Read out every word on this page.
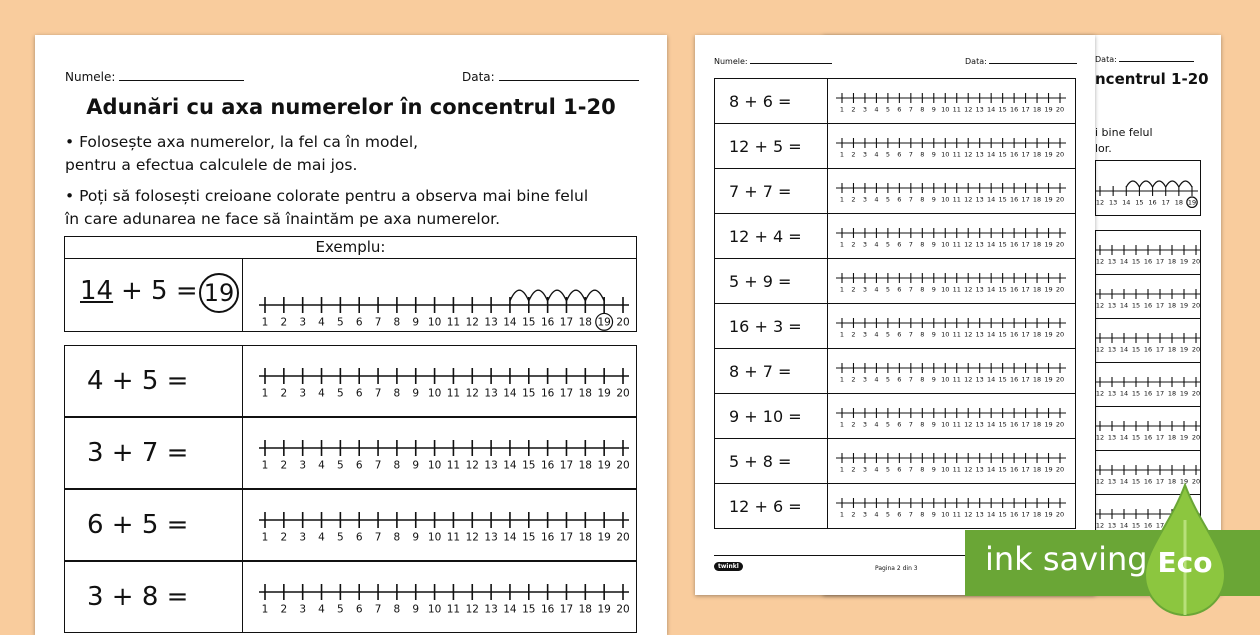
Data:
ncentrul 1-20
i bine felul
lor.
12 13 14 15 16 17 18 19
12 13 14 15 16 17 18 19 20
12 13 14 15 16 17 18 19 20
12 13 14 15 16 17 18 19 20
12 13 14 15 16 17 18 19 20
12 13 14 15 16 17 18 19 20
12 13 14 15 16 17 18 19 20
12 13 14 15 16 17
Numele:	Data:
8 + 6 =	1 2 3 4 5 6 7 8 9 10 11 12 13 14 15 16 17 18 19 20
12 + 5 =	1 2 3 4 5 6 7 8 9 10 11 12 13 14 15 16 17 18 19 20
7 + 7 =	1 2 3 4 5 6 7 8 9 10 11 12 13 14 15 16 17 18 19 20
12 + 4 =	1 2 3 4 5 6 7 8 9 10 11 12 13 14 15 16 17 18 19 20
5 + 9 =	1 2 3 4 5 6 7 8 9 10 11 12 13 14 15 16 17 18 19 20
16 + 3 =	1 2 3 4 5 6 7 8 9 10 11 12 13 14 15 16 17 18 19 20
8 + 7 =	1 2 3 4 5 6 7 8 9 10 11 12 13 14 15 16 17 18 19 20
9 + 10 =	1 2 3 4 5 6 7 8 9 10 11 12 13 14 15 16 17 18 19 20
5 + 8 =	1 2 3 4 5 6 7 8 9 10 11 12 13 14 15 16 17 18 19 20
12 + 6 =	1 2 3 4 5 6 7 8 9 10 11 12 13 14 15 16 17 18 19 20
twinkl	Pagina 2 din 3
Numele:	Data:
Adunări cu axa numerelor în concentrul 1-20
• Folosește axa numerelor, la fel ca în model,
pentru a efectua calculele de mai jos.
• Poți să folosești creioane colorate pentru a observa mai bine felul
în care adunarea ne face să înaintăm pe axa numerelor.
Exemplu:
14 + 5 = 19
1 2 3 4 5 6 7 8 9 10 11 12 13 14 15 16 17 18 19 20
4 + 5 =	1 2 3 4 5 6 7 8 9 10 11 12 13 14 15 16 17 18 19 20
3 + 7 =	1 2 3 4 5 6 7 8 9 10 11 12 13 14 15 16 17 18 19 20
6 + 5 =	1 2 3 4 5 6 7 8 9 10 11 12 13 14 15 16 17 18 19 20
3 + 8 =	1 2 3 4 5 6 7 8 9 10 11 12 13 14 15 16 17 18 19 20
ink saving Eco
